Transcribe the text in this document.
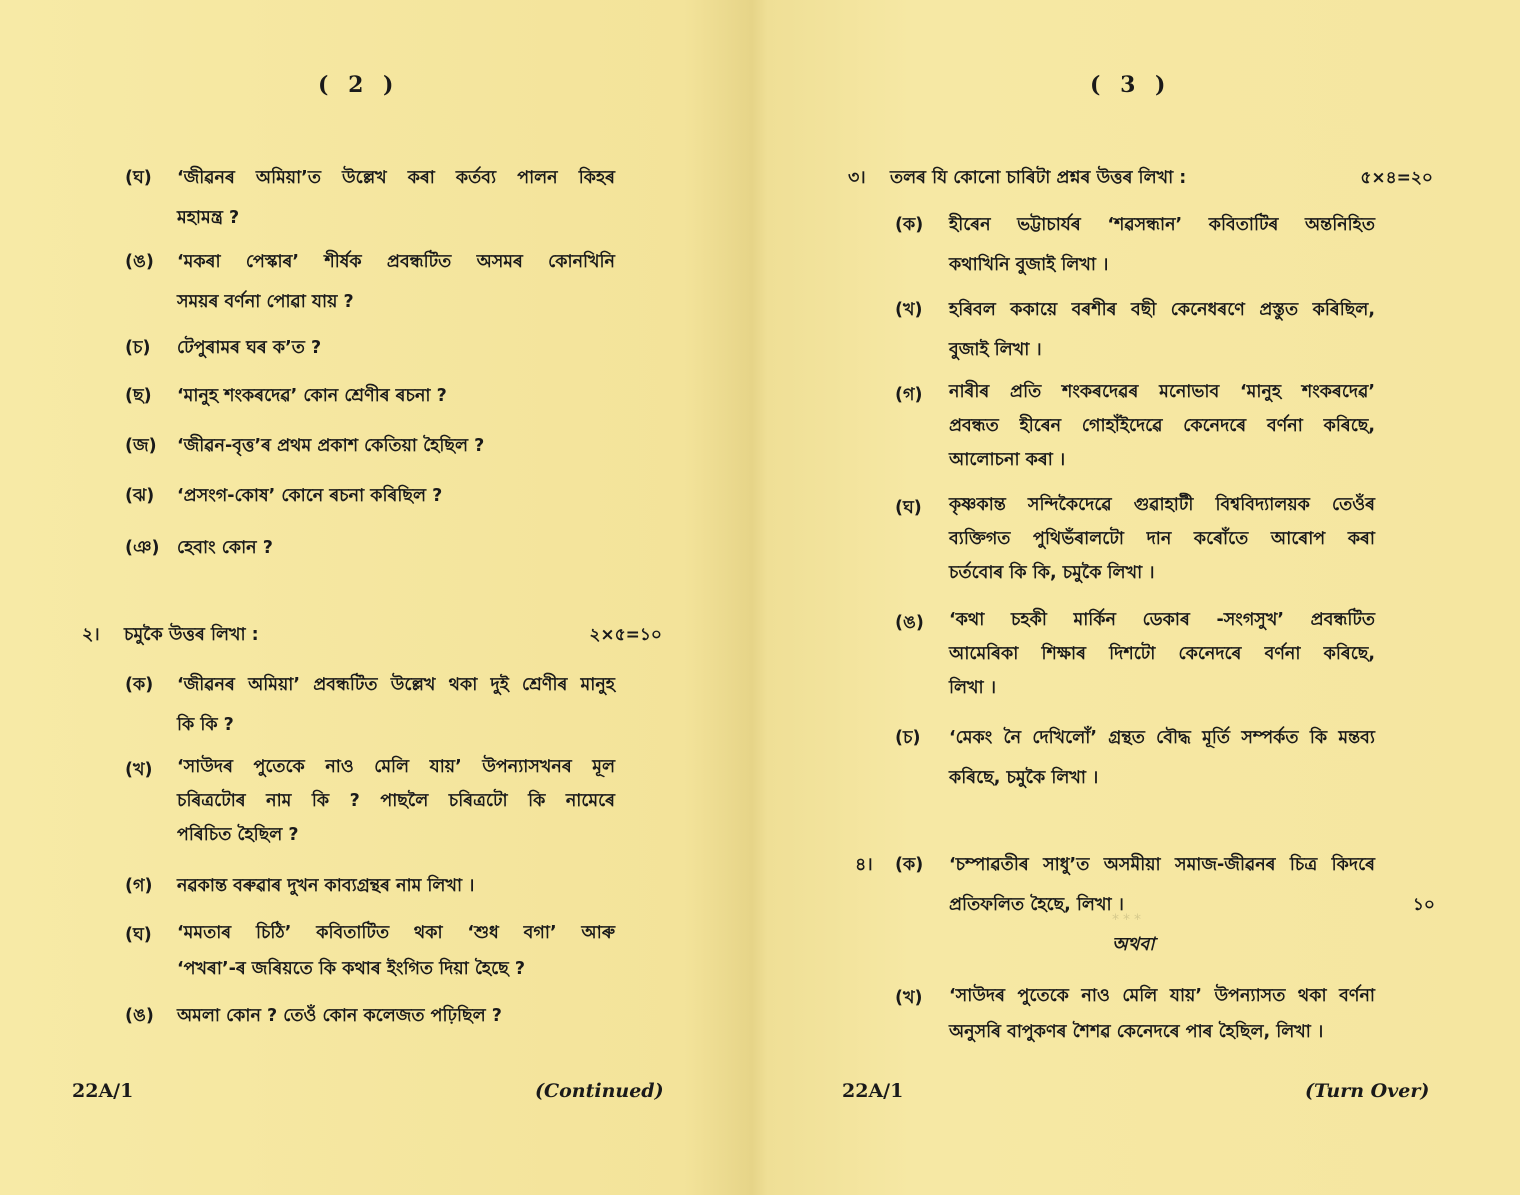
( 2 )
(ঘ) ‘জীৱনৰ অমিয়া’ত উল্লেখ কৰা কৰ্তব্য পালন কিহৰ
মহামন্ত্ৰ ?
(ঙ) ‘মকৰা পেস্কাৰ’ শীৰ্ষক প্ৰবন্ধটিত অসমৰ কোনখিনি
সময়ৰ বৰ্ণনা পোৱা যায় ?
(চ) টেপুৰামৰ ঘৰ ক’ত ?
(ছ) ‘মানুহ শংকৰদেৱ’ কোন শ্ৰেণীৰ ৰচনা ?
(জ) ‘জীৱন-বৃত্ত’ৰ প্ৰথম প্ৰকাশ কেতিয়া হৈছিল ?
(ঝ) ‘প্ৰসংগ-কোষ’ কোনে ৰচনা কৰিছিল ?
(ঞ) হেবাং কোন ?
২। চমুকৈ উত্তৰ লিখা :	২×৫=১০
(ক) ‘জীৱনৰ অমিয়া’ প্ৰবন্ধটিত উল্লেখ থকা দুই শ্ৰেণীৰ মানুহ
কি কি ?
(খ) ‘সাউদৰ পুতেকে নাও মেলি যায়’ উপন্যাসখনৰ মূল
চৰিত্ৰটোৰ নাম কি ? পাছলৈ চৰিত্ৰটো কি নামেৰে
পৰিচিত হৈছিল ?
(গ) নৱকান্ত বৰুৱাৰ দুখন কাব্যগ্ৰন্থৰ নাম লিখা ।
(ঘ) ‘মমতাৰ চিঠি’ কবিতাটিত থকা ‘শুধ বগা’ আৰু
‘পখৰা’-ৰ জৰিয়তে কি কথাৰ ইংগিত দিয়া হৈছে ?
(ঙ) অমলা কোন ? তেওঁ কোন কলেজত পঢ়িছিল ?
22A/1	(Continued)
( 3 )
৩। তলৰ যি কোনো চাৰিটা প্ৰশ্নৰ উত্তৰ লিখা :	৫×৪=২০
(ক) হীৰেন ভট্টাচাৰ্যৰ ‘শৱসন্ধান’ কবিতাটিৰ অন্তনিহিত
কথাখিনি বুজাই লিখা ।
(খ) হৰিবল ককায়ে বৰশীৰ বছী কেনেধৰণে প্ৰস্তুত কৰিছিল,
বুজাই লিখা ।
(গ) নাৰীৰ প্ৰতি শংকৰদেৱৰ মনোভাব ‘মানুহ শংকৰদেৱ’
প্ৰবন্ধত হীৰেন গোহাঁইদেৱে কেনেদৰে বৰ্ণনা কৰিছে,
আলোচনা কৰা ।
(ঘ) কৃষ্ণকান্ত সন্দিকৈদেৱে গুৱাহাটী বিশ্ববিদ্যালয়ক তেওঁৰ
ব্যক্তিগত পুথিভঁৰালটো দান কৰোঁতে আৰোপ কৰা
চৰ্তবোৰ কি কি, চমুকৈ লিখা ।
(ঙ) ‘কথা চহকী মাৰ্কিন ডেকাৰ -সংগসুখ’ প্ৰবন্ধটিত
আমেৰিকা শিক্ষাৰ দিশটো কেনেদৰে বৰ্ণনা কৰিছে,
লিখা ।
(চ) ‘মেকং নৈ দেখিলোঁ’ গ্ৰন্থত বৌদ্ধ মূৰ্তি সম্পৰ্কত কি মন্তব্য
কৰিছে, চমুকৈ লিখা ।
৪। (ক) ‘চম্পাৱতীৰ সাধু’ত অসমীয়া সমাজ-জীৱনৰ চিত্ৰ কিদৰে
প্ৰতিফলিত হৈছে, লিখা ।	১০
***
অথবা
(খ) ‘সাউদৰ পুতেকে নাও মেলি যায়’ উপন্যাসত থকা বৰ্ণনা
অনুসৰি বাপুকণৰ শৈশৱ কেনেদৰে পাৰ হৈছিল, লিখা ।
22A/1	(Turn Over)
